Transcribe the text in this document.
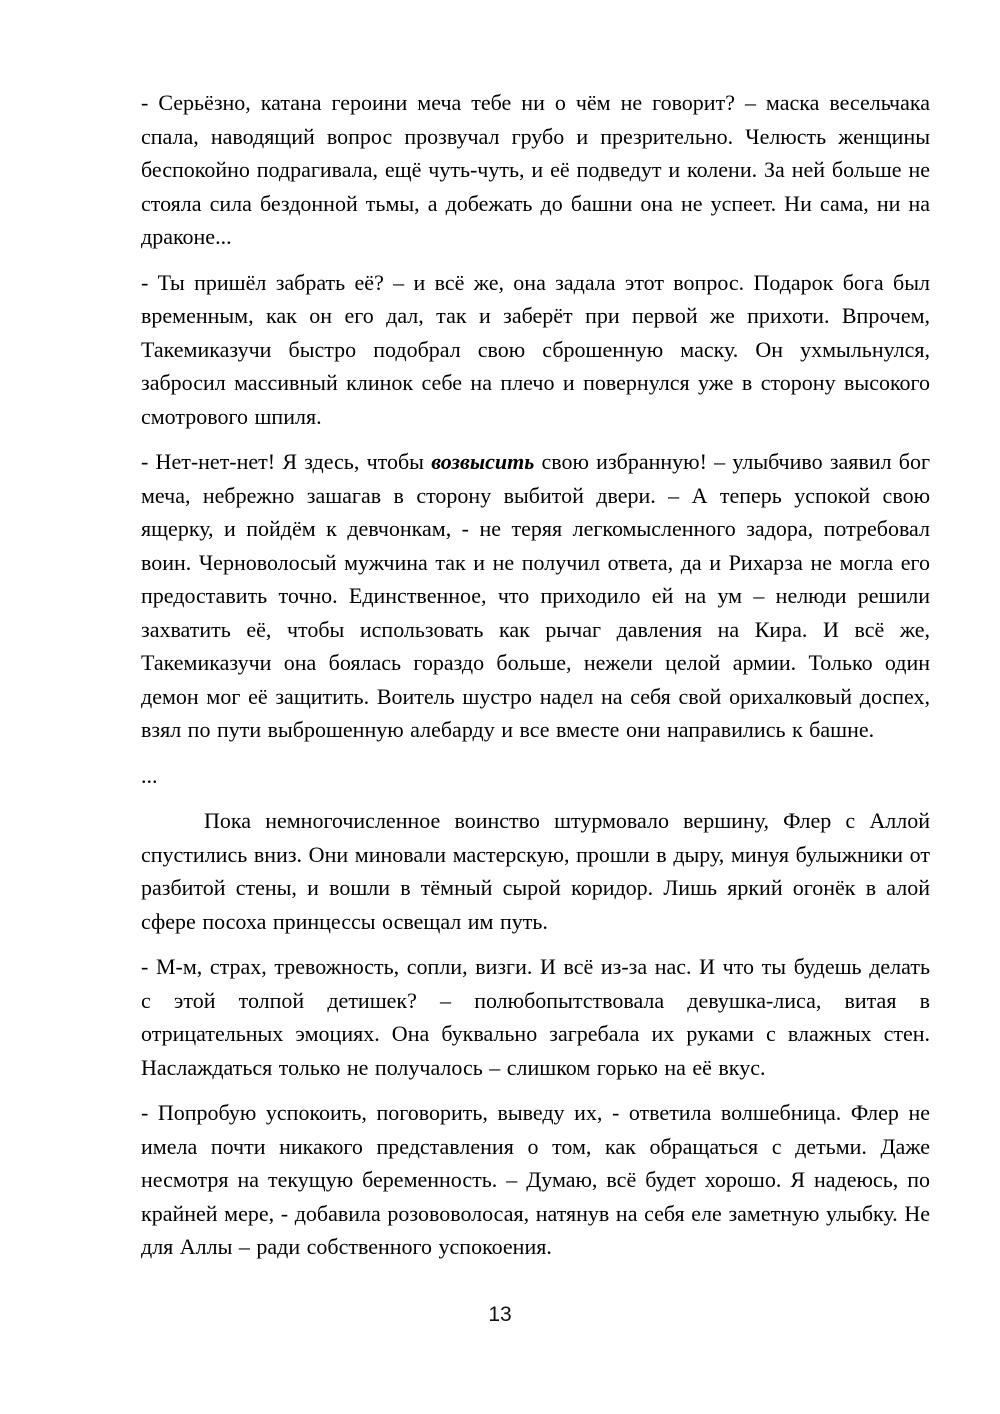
- Серьёзно, катана героини меча тебе ни о чём не говорит? – маска весельчака спала, наводящий вопрос прозвучал грубо и презрительно. Челюсть женщины беспокойно подрагивала, ещё чуть-чуть, и её подведут и колени. За ней больше не стояла сила бездонной тьмы, а добежать до башни она не успеет. Ни сама, ни на драконе...

- Ты пришёл забрать её? – и всё же, она задала этот вопрос. Подарок бога был временным, как он его дал, так и заберёт при первой же прихоти. Впрочем, Такемиказучи быстро подобрал свою сброшенную маску. Он ухмыльнулся, забросил массивный клинок себе на плечо и повернулся уже в сторону высокого смотрового шпиля.

- Нет-нет-нет! Я здесь, чтобы возвысить свою избранную! – улыбчиво заявил бог меча, небрежно зашагав в сторону выбитой двери. – А теперь успокой свою ящерку, и пойдём к девчонкам, - не теряя легкомысленного задора, потребовал воин. Черноволосый мужчина так и не получил ответа, да и Рихарза не могла его предоставить точно. Единственное, что приходило ей на ум – нелюди решили захватить её, чтобы использовать как рычаг давления на Кира. И всё же, Такемиказучи она боялась гораздо больше, нежели целой армии. Только один демон мог её защитить. Воитель шустро надел на себя свой орихалковый доспех, взял по пути выброшенную алебарду и все вместе они направились к башне.

...

Пока немногочисленное воинство штурмовало вершину, Флер с Аллой спустились вниз. Они миновали мастерскую, прошли в дыру, минуя булыжники от разбитой стены, и вошли в тёмный сырой коридор. Лишь яркий огонёк в алой сфере посоха принцессы освещал им путь.

- М-м, страх, тревожность, сопли, визги. И всё из-за нас. И что ты будешь делать с этой толпой детишек? – полюбопытствовала девушка-лиса, витая в отрицательных эмоциях. Она буквально загребала их руками с влажных стен. Наслаждаться только не получалось – слишком горько на её вкус.

- Попробую успокоить, поговорить, выведу их, - ответила волшебница. Флер не имела почти никакого представления о том, как обращаться с детьми. Даже несмотря на текущую беременность. – Думаю, всё будет хорошо. Я надеюсь, по крайней мере, - добавила розововолосая, натянув на себя еле заметную улыбку. Не для Аллы – ради собственного успокоения.

13
